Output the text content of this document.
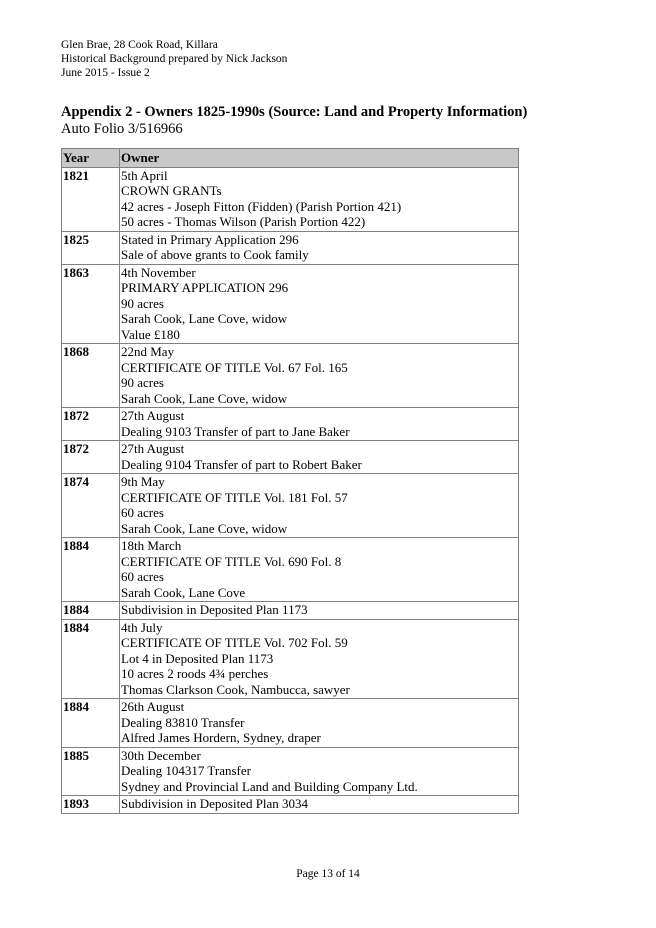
Glen Brae, 28 Cook Road, Killara
Historical Background prepared by Nick Jackson
June 2015 - Issue 2
Appendix 2 - Owners 1825-1990s (Source: Land and Property Information)
Auto Folio 3/516966
Year	Owner
1821	5th April
CROWN GRANTs
42 acres - Joseph Fitton (Fidden) (Parish Portion 421)
50 acres - Thomas Wilson (Parish Portion 422)

1825	Stated in Primary Application 296
Sale of above grants to Cook family

1863	4th November
PRIMARY APPLICATION 296
90 acres
Sarah Cook, Lane Cove, widow
Value £180

1868	22nd May
CERTIFICATE OF TITLE Vol. 67 Fol. 165
90 acres
Sarah Cook, Lane Cove, widow

1872	27th August
Dealing 9103 Transfer of part to Jane Baker

1872	27th August
Dealing 9104 Transfer of part to Robert Baker

1874	9th May
CERTIFICATE OF TITLE Vol. 181 Fol. 57
60 acres
Sarah Cook, Lane Cove, widow

1884	18th March
CERTIFICATE OF TITLE Vol. 690 Fol. 8
60 acres
Sarah Cook, Lane Cove

1884	Subdivision in Deposited Plan 1173

1884	4th July
CERTIFICATE OF TITLE Vol. 702 Fol. 59
Lot 4 in Deposited Plan 1173
10 acres 2 roods 4¾ perches
Thomas Clarkson Cook, Nambucca, sawyer

1884	26th August
Dealing 83810 Transfer
Alfred James Hordern, Sydney, draper

1885	30th December
Dealing 104317 Transfer
Sydney and Provincial Land and Building Company Ltd.

1893	Subdivision in Deposited Plan 3034
Page 13 of 14
